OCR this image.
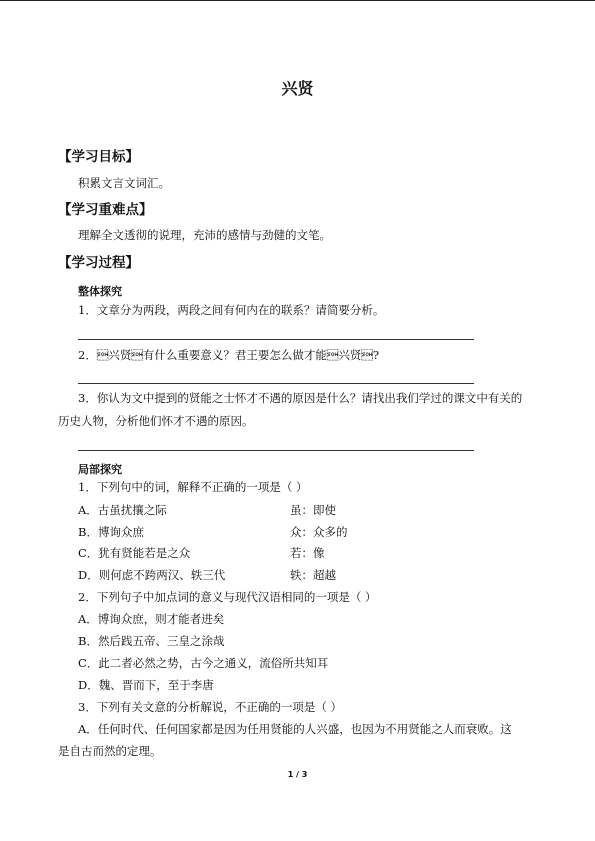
兴贤
【学习目标】
积累文言文词汇。
【学习重难点】
理解全文透彻的说理，充沛的感情与劲健的文笔。
【学习过程】
整体探究
1．文章分为两段，两段之间有何内在的联系？请简要分析。
2．兴贤有什么重要意义？君王要怎么做才能兴贤?
3．你认为文中提到的贤能之士怀才不遇的原因是什么？请找出我们学过的课文中有关的
历史人物，分析他们怀才不遇的原因。
局部探究
1．下列句中的词，解释不正确的一项是（ ）
A．古虽扰攘之际	虽：即使
B．博询众庶	众：众多的
C．犹有贤能若是之众	若：像
D．则何虑不跨两汉、轶三代	轶：超越
2．下列句子中加点词的意义与现代汉语相同的一项是（ ）
A．博询众庶，则才能者进矣
B．然后践五帝、三皇之涂哉
C．此二者必然之势，古今之通义，流俗所共知耳
D．魏、晋而下，至于李唐
3．下列有关文意的分析解说，不正确的一项是（ ）
A．任何时代、任何国家都是因为任用贤能的人兴盛，也因为不用贤能之人而衰败。这
是自古而然的定理。
1 / 3
